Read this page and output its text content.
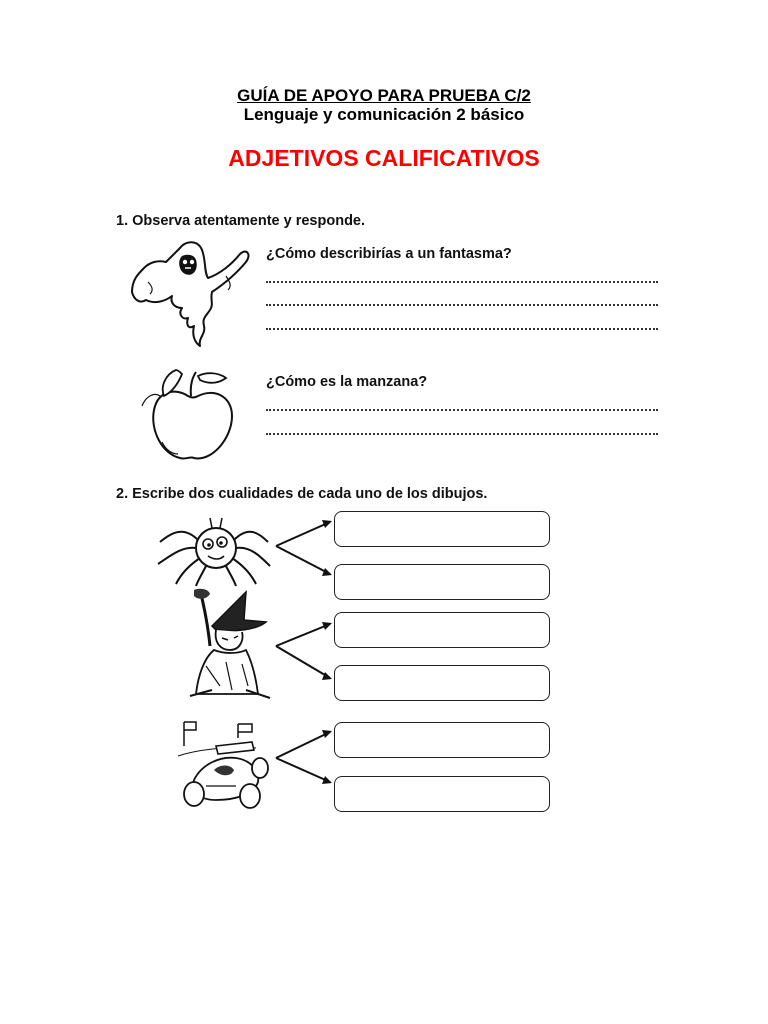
GUÍA DE APOYO PARA PRUEBA C/2
Lenguaje y comunicación 2 básico
ADJETIVOS CALIFICATIVOS
1. Observa atentamente y responde.
¿Cómo describirías a un fantasma?
¿Cómo es la manzana?
2. Escribe dos cualidades de cada uno de los dibujos.
